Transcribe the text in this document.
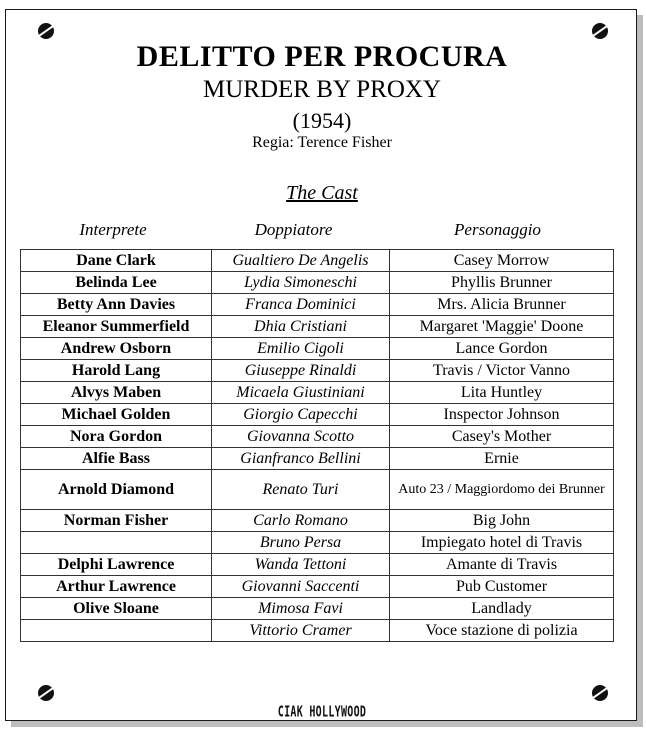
DELITTO PER PROCURA
MURDER BY PROXY
(1954)
Regia: Terence Fisher
The Cast
Interprete	Doppiatore	Personaggio
Dane Clark	Gualtiero De Angelis	Casey Morrow
Belinda Lee	Lydia Simoneschi	Phyllis Brunner
Betty Ann Davies	Franca Dominici	Mrs. Alicia Brunner
Eleanor Summerfield	Dhia Cristiani	Margaret 'Maggie' Doone
Andrew Osborn	Emilio Cigoli	Lance Gordon
Harold Lang	Giuseppe Rinaldi	Travis / Victor Vanno
Alvys Maben	Micaela Giustiniani	Lita Huntley
Michael Golden	Giorgio Capecchi	Inspector Johnson
Nora Gordon	Giovanna Scotto	Casey's Mother
Alfie Bass	Gianfranco Bellini	Ernie
Arnold Diamond	Renato Turi	Auto 23 / Maggiordomo dei Brunner
Norman Fisher	Carlo Romano	Big John
	Bruno Persa	Impiegato hotel di Travis
Delphi Lawrence	Wanda Tettoni	Amante di Travis
Arthur Lawrence	Giovanni Saccenti	Pub Customer
Olive Sloane	Mimosa Favi	Landlady
	Vittorio Cramer	Voce stazione di polizia
CIAK HOLLYWOOD
